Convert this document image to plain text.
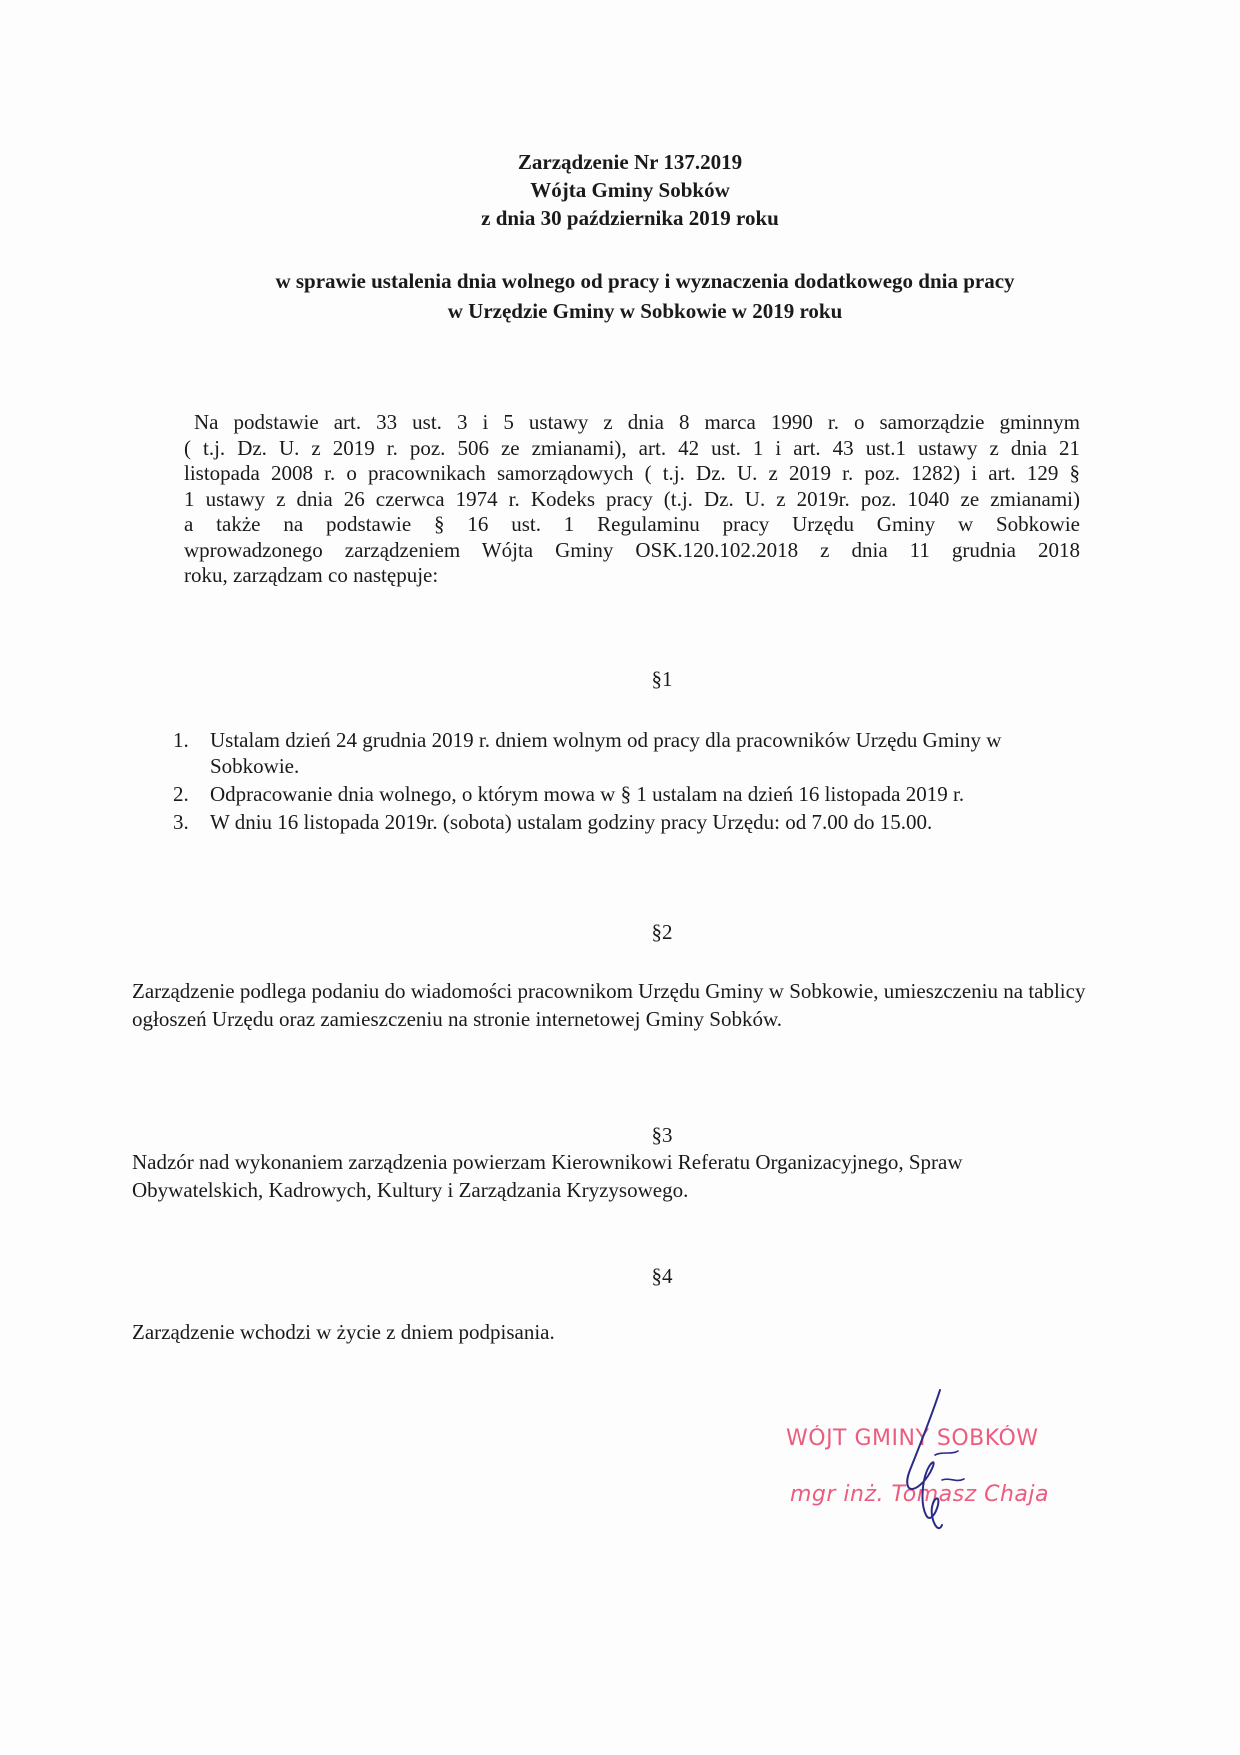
Zarządzenie Nr 137.2019
Wójta Gminy Sobków
z dnia 30 października 2019 roku
w sprawie ustalenia dnia wolnego od pracy i wyznaczenia dodatkowego dnia pracy
w Urzędzie Gminy w Sobkowie w 2019 roku
Na podstawie art. 33 ust. 3 i 5 ustawy z dnia 8 marca 1990 r. o samorządzie gminnym
( t.j. Dz. U. z 2019 r. poz. 506 ze zmianami), art. 42 ust. 1 i art. 43 ust.1 ustawy z dnia 21
listopada 2008 r. o pracownikach samorządowych ( t.j. Dz. U. z 2019 r. poz. 1282) i art. 129 §
1 ustawy z dnia 26 czerwca 1974 r. Kodeks pracy (t.j. Dz. U. z 2019r. poz. 1040 ze zmianami)
a także na podstawie § 16 ust. 1 Regulaminu pracy Urzędu Gminy w Sobkowie
wprowadzonego zarządzeniem Wójta Gminy OSK.120.102.2018 z dnia 11 grudnia 2018
roku, zarządzam co następuje:
§1
1. Ustalam dzień 24 grudnia 2019 r. dniem wolnym od pracy dla pracowników Urzędu Gminy w Sobkowie.
2. Odpracowanie dnia wolnego, o którym mowa w § 1 ustalam na dzień 16 listopada 2019 r.
3. W dniu 16 listopada 2019r. (sobota) ustalam godziny pracy Urzędu: od 7.00 do 15.00.
§2
Zarządzenie podlega podaniu do wiadomości pracownikom Urzędu Gminy w Sobkowie, umieszczeniu na tablicy ogłoszeń Urzędu oraz zamieszczeniu na stronie internetowej Gminy Sobków.
§3
Nadzór nad wykonaniem zarządzenia powierzam Kierownikowi Referatu Organizacyjnego, Spraw Obywatelskich, Kadrowych, Kultury i Zarządzania Kryzysowego.
§4
Zarządzenie wchodzi w życie z dniem podpisania.
WÓJT GMINY SOBKÓW
mgr inż. Tomasz Chaja
